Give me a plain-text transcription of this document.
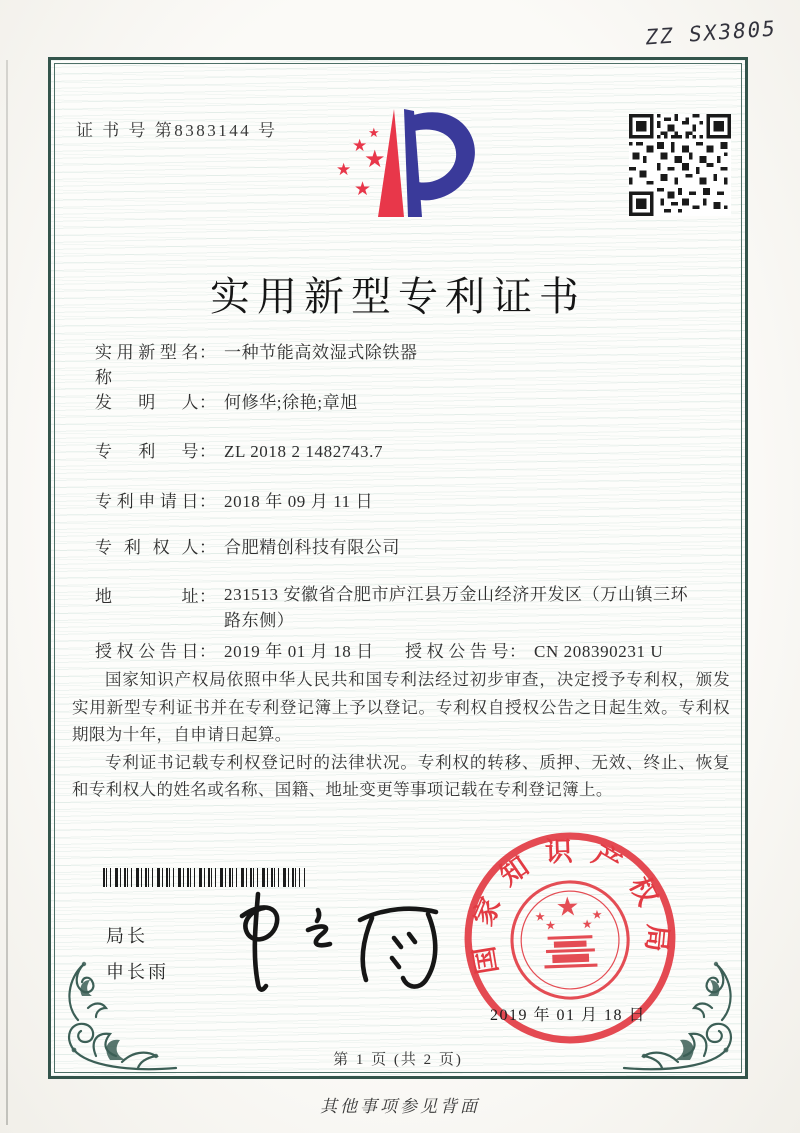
ZZ SX3805
证 书 号 第8383144 号	★
★
★
★
★
实用新型专利证书
实用新型名称： 一种节能高效湿式除铁器
发明人： 何修华;徐艳;章旭
专利号： ZL 2018 2 1482743.7
专利申请日： 2018 年 09 月 11 日
专利权人： 合肥精创科技有限公司
地址： 231513 安徽省合肥市庐江县万金山经济开发区（万山镇三环路东侧）
授权公告日： 2019 年 01 月 18 日 授权公告号： CN 208390231 U

国家知识产权局依照中华人民共和国专利法经过初步审查，决定授予专利权，颁发实用新型专利证书并在专利登记簿上予以登记。专利权自授权公告之日起生效。专利权期限为十年，自申请日起算。

专利证书记载专利权登记时的法律状况。专利权的转移、质押、无效、终止、恢复和专利权人的姓名或名称、国籍、地址变更等事项记载在专利登记簿上。

局长
申长雨	国家知识产权局
★
★
★ ★
★
2019 年 01 月 18 日
第 1 页 (共 2 页)
其他事项参见背面
